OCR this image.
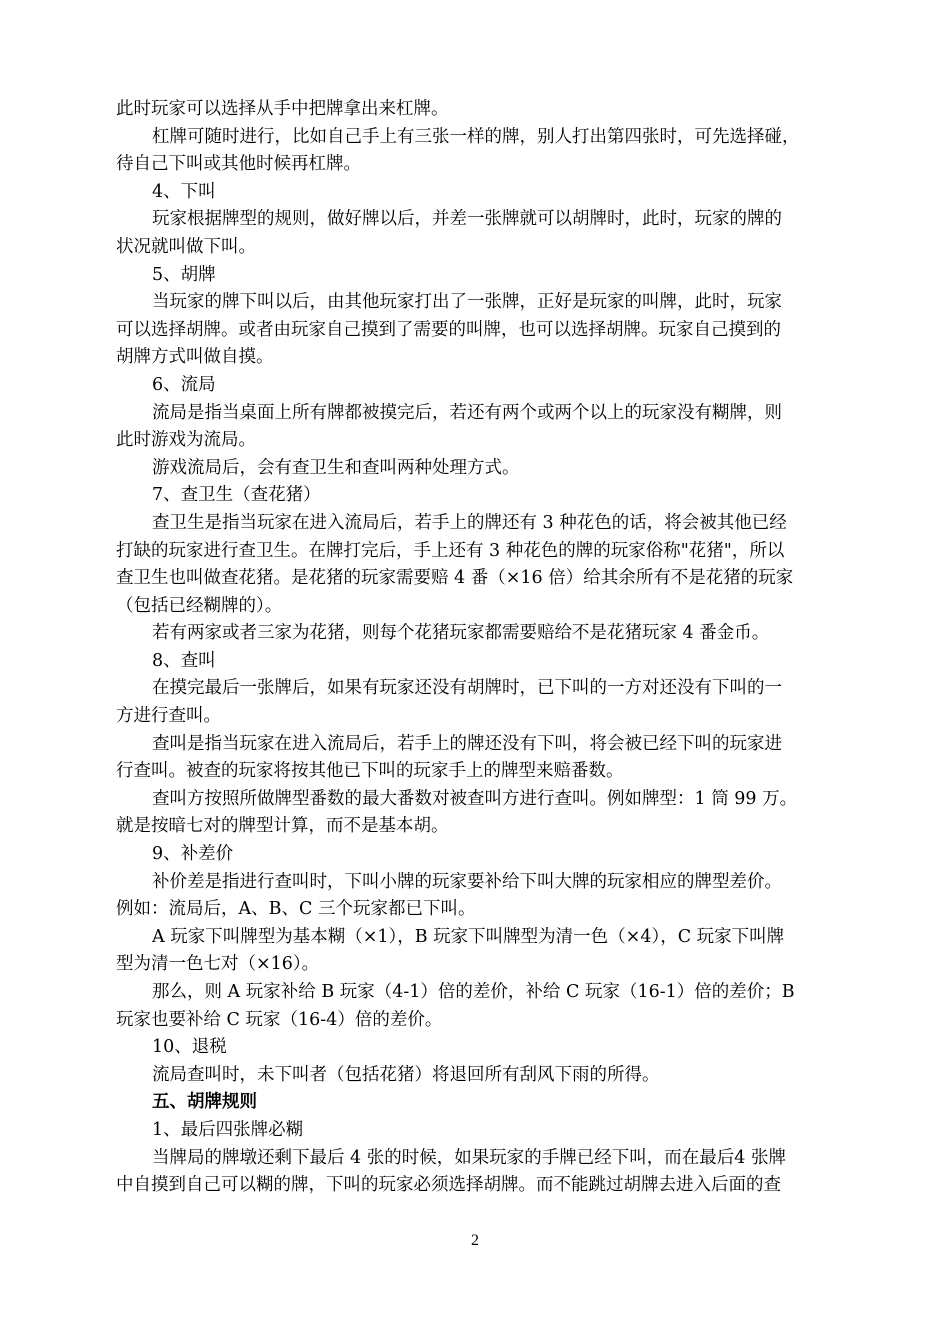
此时玩家可以选择从手中把牌拿出来杠牌。
杠牌可随时进行，比如自己手上有三张一样的牌，别人打出第四张时，可先选择碰，
待自己下叫或其他时候再杠牌。
4、下叫
玩家根据牌型的规则，做好牌以后，并差一张牌就可以胡牌时，此时，玩家的牌的
状况就叫做下叫。
5、胡牌
当玩家的牌下叫以后，由其他玩家打出了一张牌，正好是玩家的叫牌，此时，玩家
可以选择胡牌。或者由玩家自己摸到了需要的叫牌，也可以选择胡牌。玩家自己摸到的
胡牌方式叫做自摸。
6、流局
流局是指当桌面上所有牌都被摸完后，若还有两个或两个以上的玩家没有糊牌，则
此时游戏为流局。
游戏流局后，会有查卫生和查叫两种处理方式。
7、查卫生（查花猪）
查卫生是指当玩家在进入流局后，若手上的牌还有 3 种花色的话，将会被其他已经
打缺的玩家进行查卫生。在牌打完后，手上还有 3 种花色的牌的玩家俗称"花猪"，所以
查卫生也叫做查花猪。是花猪的玩家需要赔 4 番（×16 倍）给其余所有不是花猪的玩家
（包括已经糊牌的）。
若有两家或者三家为花猪，则每个花猪玩家都需要赔给不是花猪玩家 4 番金币。
8、查叫
在摸完最后一张牌后，如果有玩家还没有胡牌时，已下叫的一方对还没有下叫的一
方进行查叫。
查叫是指当玩家在进入流局后，若手上的牌还没有下叫，将会被已经下叫的玩家进
行查叫。被查的玩家将按其他已下叫的玩家手上的牌型来赔番数。
查叫方按照所做牌型番数的最大番数对被查叫方进行查叫。例如牌型：1 筒 99 万。
就是按暗七对的牌型计算，而不是基本胡。
9、补差价
补价差是指进行查叫时，下叫小牌的玩家要补给下叫大牌的玩家相应的牌型差价。
例如：流局后，A、B、C 三个玩家都已下叫。
A 玩家下叫牌型为基本糊（×1），B 玩家下叫牌型为清一色（×4），C 玩家下叫牌
型为清一色七对（×16）。
那么，则 A 玩家补给 B 玩家（4-1）倍的差价，补给 C 玩家（16-1）倍的差价；B
玩家也要补给 C 玩家（16-4）倍的差价。
10、退税
流局查叫时，未下叫者（包括花猪）将退回所有刮风下雨的所得。
五、胡牌规则
1、最后四张牌必糊
当牌局的牌墩还剩下最后 4 张的时候，如果玩家的手牌已经下叫，而在最后4 张牌
中自摸到自己可以糊的牌，下叫的玩家必须选择胡牌。而不能跳过胡牌去进入后面的查
2
